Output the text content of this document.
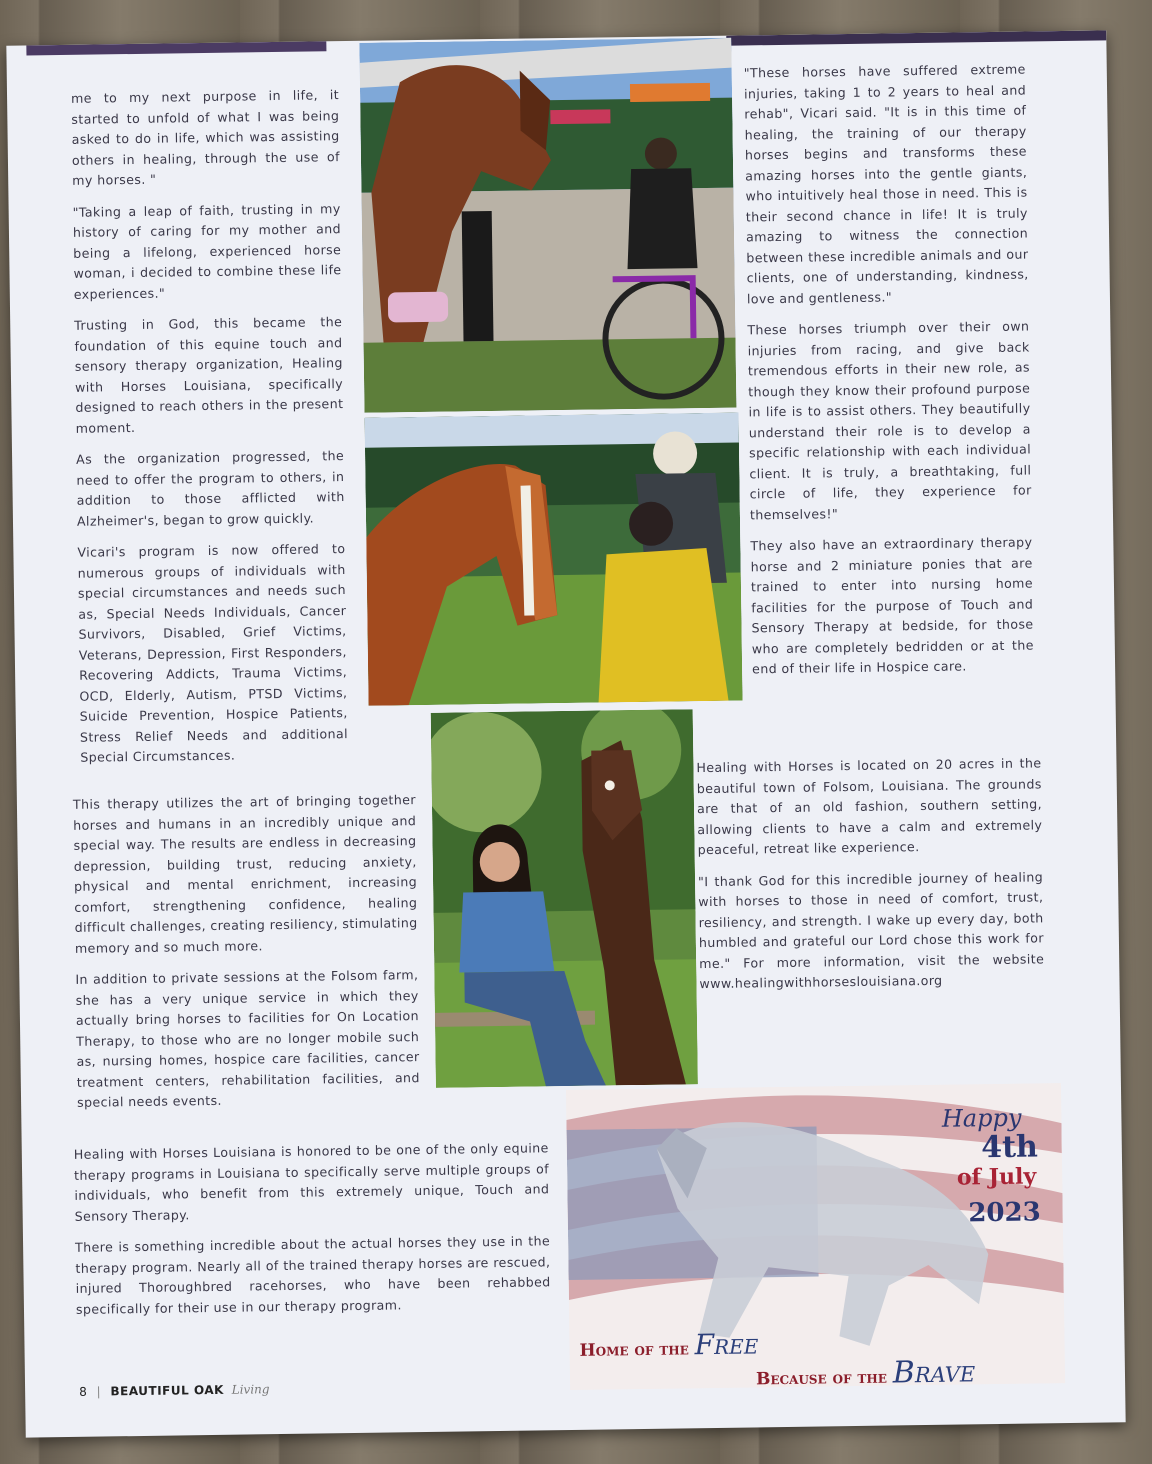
me to my next purpose in life, it started to unfold of what I was being asked to do in life, which was assisting others in healing, through the use of my horses. "

"Taking a leap of faith, trusting in my history of caring for my mother and being a lifelong, experienced horse woman, i decided to combine these life experiences."

Trusting in God, this became the foundation of this equine touch and sensory therapy organization, Healing with Horses Louisiana, specifically designed to reach others in the present moment.

As the organization progressed, the need to offer the program to others, in addition to those afflicted with Alzheimer's, began to grow quickly.

Vicari's program is now offered to numerous groups of individuals with special circumstances and needs such as, Special Needs Individuals, Cancer Survivors, Disabled, Grief Victims, Veterans, Depression, First Responders, Recovering Addicts, Trauma Victims, OCD, Elderly, Autism, PTSD Victims, Suicide Prevention, Hospice Patients, Stress Relief Needs and additional Special Circumstances.

This therapy utilizes the art of bringing together horses and humans in an incredibly unique and special way. The results are endless in decreasing depression, building trust, reducing anxiety, physical and mental enrichment, increasing comfort, strengthening confidence, healing difficult challenges, creating resiliency, stimulating memory and so much more.

In addition to private sessions at the Folsom farm, she has a very unique service in which they actually bring horses to facilities for On Location Therapy, to those who are no longer mobile such as, nursing homes, hospice care facilities, cancer treatment centers, rehabilitation facilities, and special needs events.

Healing with Horses Louisiana is honored to be one of the only equine therapy programs in Louisiana to specifically serve multiple groups of individuals, who benefit from this extremely unique, Touch and Sensory Therapy.

There is something incredible about the actual horses they use in the therapy program. Nearly all of the trained therapy horses are rescued, injured Thoroughbred racehorses, who have been rehabbed specifically for their use in our therapy program.

"These horses have suffered extreme injuries, taking 1 to 2 years to heal and rehab", Vicari said. "It is in this time of healing, the training of our therapy horses begins and transforms these amazing horses into the gentle giants, who intuitively heal those in need. This is their second chance in life! It is truly amazing to witness the connection between these incredible animals and our clients, one of understanding, kindness, love and gentleness."

These horses triumph over their own injuries from racing, and give back tremendous efforts in their new role, as though they know their profound purpose in life is to assist others. They beautifully understand their role is to develop a specific relationship with each individual client. It is truly, a breathtaking, full circle of life, they experience for themselves!"

They also have an extraordinary therapy horse and 2 miniature ponies that are trained to enter into nursing home facilities for the purpose of Touch and Sensory Therapy at bedside, for those who are completely bedridden or at the end of their life in Hospice care.

Healing with Horses is located on 20 acres in the beautiful town of Folsom, Louisiana. The grounds are that of an old fashion, southern setting, allowing clients to have a calm and extremely peaceful, retreat like experience.

"I thank God for this incredible journey of healing with horses to those in need of comfort, trust, resiliency, and strength. I wake up every day, both humbled and grateful our Lord chose this work for me." For more information, visit the website www.healingwithhorseslouisiana.org

Happy
4th
of July
2023
Home of the Free
Because of the Brave
8 | BEAUTIFUL OAK Living
